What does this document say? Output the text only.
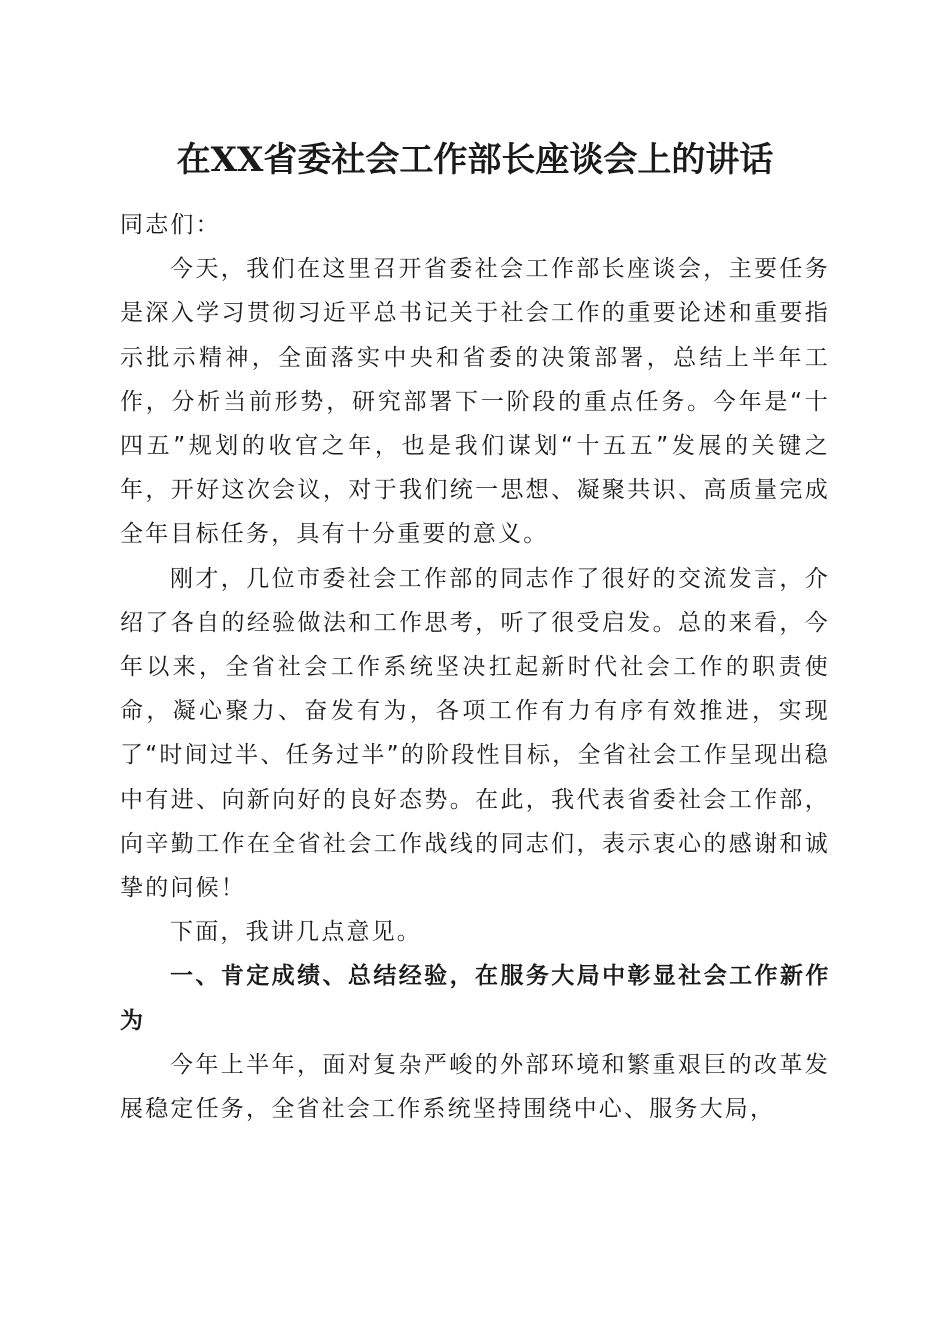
在XX省委社会工作部长座谈会上的讲话

同志们：

今天，我们在这里召开省委社会工作部长座谈会，主要任务是深入学习贯彻习近平总书记关于社会工作的重要论述和重要指示批示精神，全面落实中央和省委的决策部署，总结上半年工作，分析当前形势，研究部署下一阶段的重点任务。今年是“十四五”规划的收官之年，也是我们谋划“十五五”发展的关键之年，开好这次会议，对于我们统一思想、凝聚共识、高质量完成全年目标任务，具有十分重要的意义。

刚才，几位市委社会工作部的同志作了很好的交流发言，介绍了各自的经验做法和工作思考，听了很受启发。总的来看，今年以来，全省社会工作系统坚决扛起新时代社会工作的职责使命，凝心聚力、奋发有为，各项工作有力有序有效推进，实现了“时间过半、任务过半”的阶段性目标，全省社会工作呈现出稳中有进、向新向好的良好态势。在此，我代表省委社会工作部，向辛勤工作在全省社会工作战线的同志们，表示衷心的感谢和诚挚的问候！

下面，我讲几点意见。

一、肯定成绩、总结经验，在服务大局中彰显社会工作新作为

今年上半年，面对复杂严峻的外部环境和繁重艰巨的改革发展稳定任务，全省社会工作系统坚持围绕中心、服务大局，
